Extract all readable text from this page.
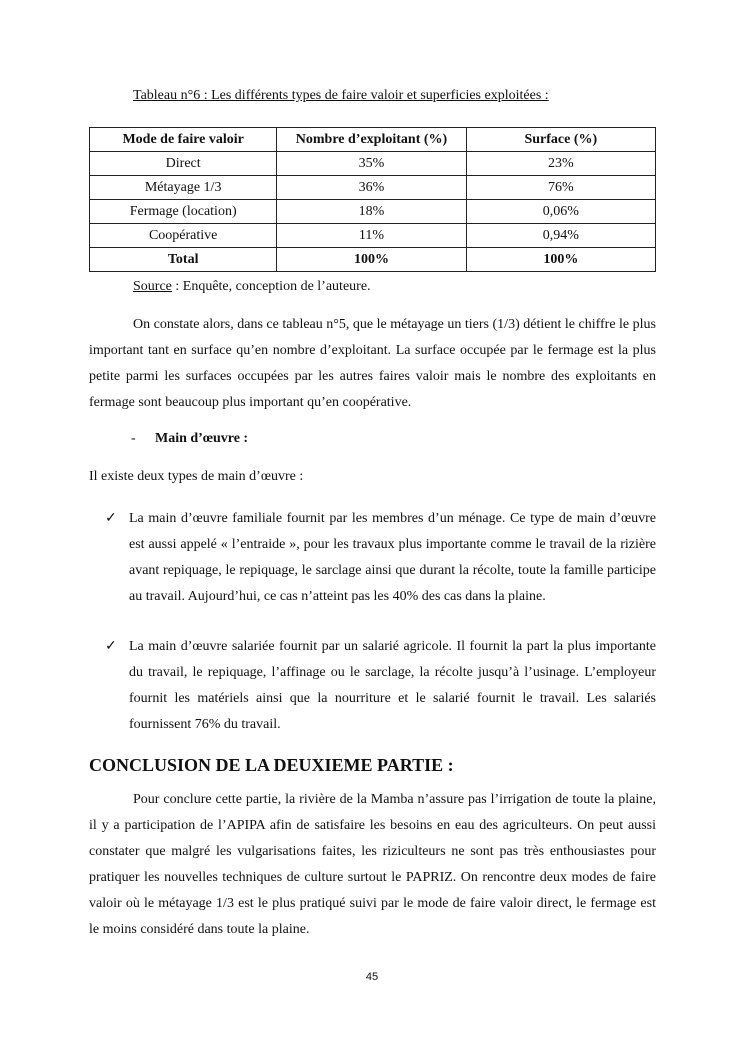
Tableau n°6 : Les différents types de faire valoir et superficies exploitées :
Mode de faire valoir	Nombre d’exploitant (%)	Surface (%)
Direct	35%	23%
Métayage 1/3	36%	76%
Fermage (location)	18%	0,06%
Coopérative	11%	0,94%
Total	100%	100%
Source : Enquête, conception de l’auteure.

On constate alors, dans ce tableau n°5, que le métayage un tiers (1/3) détient le chiffre le plus important tant en surface qu’en nombre d’exploitant. La surface occupée par le fermage est la plus petite parmi les surfaces occupées par les autres faires valoir mais le nombre des exploitants en fermage sont beaucoup plus important qu’en coopérative.

- Main d’œuvre :
Il existe deux types de main d’œuvre :
✓ La main d’œuvre familiale fournit par les membres d’un ménage. Ce type de main d’œuvre est aussi appelé « l’entraide », pour les travaux plus importante comme le travail de la rizière avant repiquage, le repiquage, le sarclage ainsi que durant la récolte, toute la famille participe au travail. Aujourd’hui, ce cas n’atteint pas les 40% des cas dans la plaine.
✓ La main d’œuvre salariée fournit par un salarié agricole. Il fournit la part la plus importante du travail, le repiquage, l’affinage ou le sarclage, la récolte jusqu’à l’usinage. L’employeur fournit les matériels ainsi que la nourriture et le salarié fournit le travail. Les salariés fournissent 76% du travail.
CONCLUSION DE LA DEUXIEME PARTIE :

Pour conclure cette partie, la rivière de la Mamba n’assure pas l’irrigation de toute la plaine, il y a participation de l’APIPA afin de satisfaire les besoins en eau des agriculteurs. On peut aussi constater que malgré les vulgarisations faites, les riziculteurs ne sont pas très enthousiastes pour pratiquer les nouvelles techniques de culture surtout le PAPRIZ. On rencontre deux modes de faire valoir où le métayage 1/3 est le plus pratiqué suivi par le mode de faire valoir direct, le fermage est le moins considéré dans toute la plaine.

45
